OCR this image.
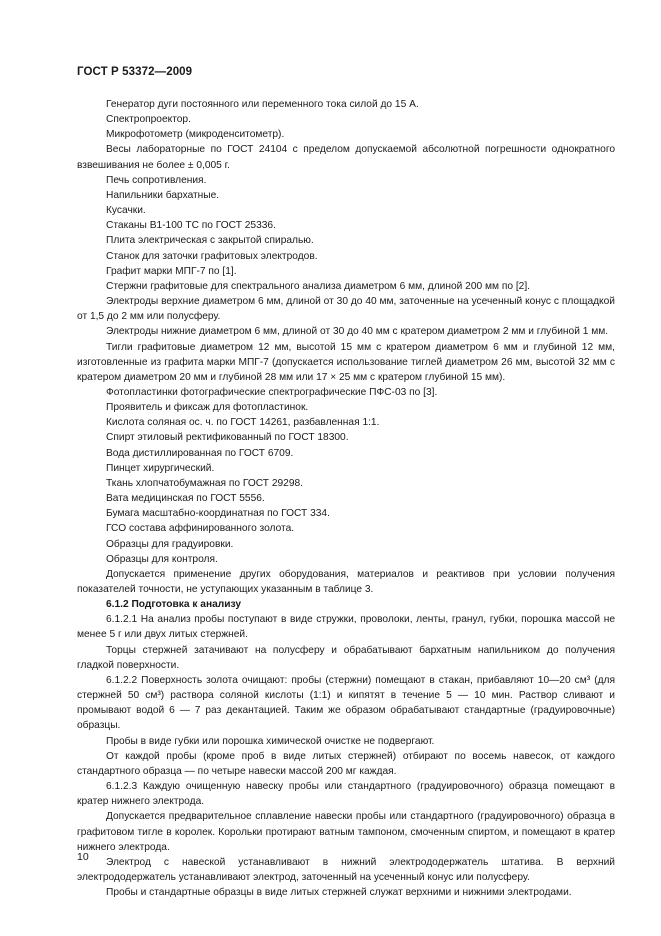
ГОСТ Р 53372—2009

Генератор дуги постоянного или переменного тока силой до 15 А.

Спектропроектор.

Микрофотометр (микроденситометр).

Весы лабораторные по ГОСТ 24104 с пределом допускаемой абсолютной погрешности однократного взвешивания не более ± 0,005 г.

Печь сопротивления.

Напильники бархатные.

Кусачки.

Стаканы В1-100 ТС по ГОСТ 25336.

Плита электрическая с закрытой спиралью.

Станок для заточки графитовых электродов.

Графит марки МПГ-7 по [1].

Стержни графитовые для спектрального анализа диаметром 6 мм, длиной 200 мм по [2].

Электроды верхние диаметром 6 мм, длиной от 30 до 40 мм, заточенные на усеченный конус с площадкой от 1,5 до 2 мм или полусферу.

Электроды нижние диаметром 6 мм, длиной от 30 до 40 мм с кратером диаметром 2 мм и глубиной 1 мм.

Тигли графитовые диаметром 12 мм, высотой 15 мм с кратером диаметром 6 мм и глубиной 12 мм, изготовленные из графита марки МПГ-7 (допускается использование тиглей диаметром 26 мм, высотой 32 мм с кратером диаметром 20 мм и глубиной 28 мм или 17 × 25 мм с кратером глубиной 15 мм).

Фотопластинки фотографические спектрографические ПФС-03 по [3].

Проявитель и фиксаж для фотопластинок.

Кислота соляная ос. ч. по ГОСТ 14261, разбавленная 1:1.

Спирт этиловый ректификованный по ГОСТ 18300.

Вода дистиллированная по ГОСТ 6709.

Пинцет хирургический.

Ткань хлопчатобумажная по ГОСТ 29298.

Вата медицинская по ГОСТ 5556.

Бумага масштабно-координатная по ГОСТ 334.

ГСО состава аффинированного золота.

Образцы для градуировки.

Образцы для контроля.

Допускается применение других оборудования, материалов и реактивов при условии получения показателей точности, не уступающих указанным в таблице 3.

6.1.2 Подготовка к анализу

6.1.2.1 На анализ пробы поступают в виде стружки, проволоки, ленты, гранул, губки, порошка массой не менее 5 г или двух литых стержней.

Торцы стержней затачивают на полусферу и обрабатывают бархатным напильником до получения гладкой поверхности.

6.1.2.2 Поверхность золота очищают: пробы (стержни) помещают в стакан, прибавляют 10—20 см³ (для стержней 50 см³) раствора соляной кислоты (1:1) и кипятят в течение 5 — 10 мин. Раствор сливают и промывают водой 6 — 7 раз декантацией. Таким же образом обрабатывают стандартные (градуировочные) образцы.

Пробы в виде губки или порошка химической очистке не подвергают.

От каждой пробы (кроме проб в виде литых стержней) отбирают по восемь навесок, от каждого стандартного образца — по четыре навески массой 200 мг каждая.

6.1.2.3 Каждую очищенную навеску пробы или стандартного (градуировочного) образца помещают в кратер нижнего электрода.

Допускается предварительное сплавление навески пробы или стандартного (градуировочного) образца в графитовом тигле в королек. Корольки протирают ватным тампоном, смоченным спиртом, и помещают в кратер нижнего электрода.

Электрод с навеской устанавливают в нижний электрододержатель штатива. В верхний электрододержатель устанавливают электрод, заточенный на усеченный конус или полусферу.

Пробы и стандартные образцы в виде литых стержней служат верхними и нижними электродами.

10
